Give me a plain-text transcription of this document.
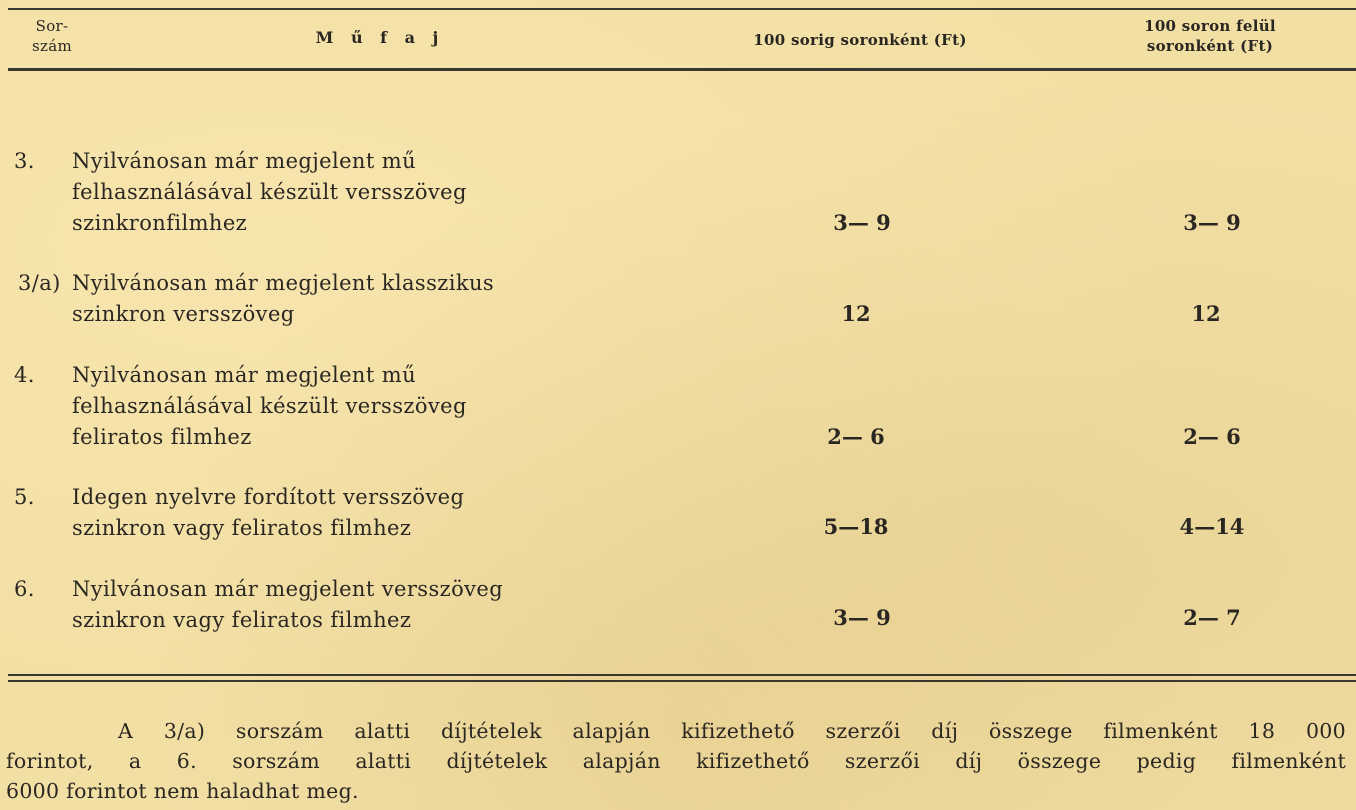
Sor-
szám	M ű f a j	100 sorig soronként (Ft)
100 soron felül
soronként (Ft)
3. Nyilvánosan már megjelent mű
felhasználásával készült versszöveg
szinkronfilmhez	3— 9	3— 9
3/a) Nyilvánosan már megjelent klasszikus
szinkron versszöveg	12	12
4. Nyilvánosan már megjelent mű
felhasználásával készült versszöveg
feliratos filmhez	2— 6	2— 6
5. Idegen nyelvre fordított versszöveg
szinkron vagy feliratos filmhez	5—18	4—14
6. Nyilvánosan már megjelent versszöveg
szinkron vagy feliratos filmhez	3— 9	2— 7
A 3/a) sorszám alatti díjtételek alapján kifizethető szerzői díj összege filmenként 18 000
forintot, a 6. sorszám alatti díjtételek alapján kifizethető szerzői díj összege pedig filmenként
6000 forintot nem haladhat meg.
